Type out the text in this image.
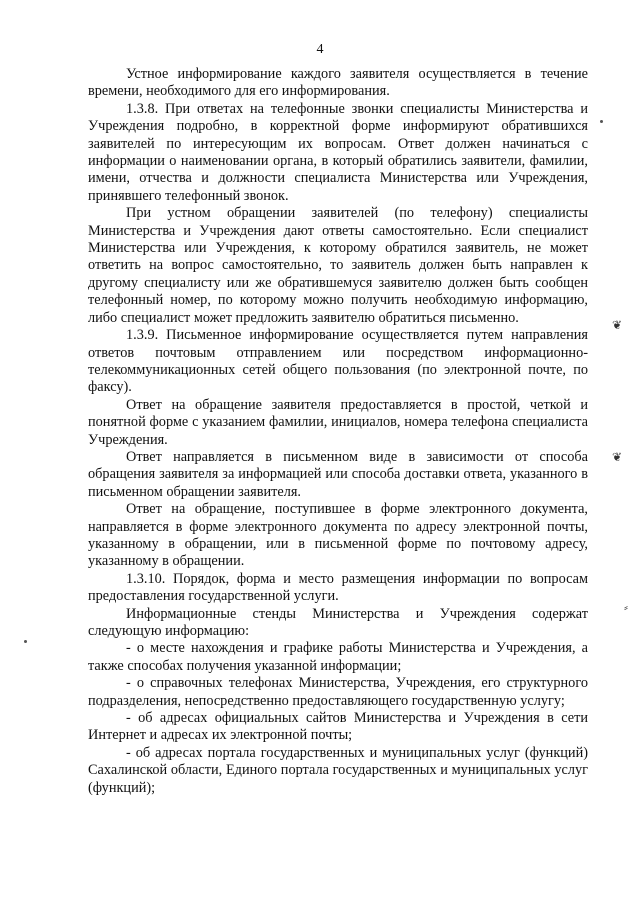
4

Устное информирование каждого заявителя осуществляется в течение времени, необходимого для его информирования.

1.3.8. При ответах на телефонные звонки специалисты Министерства и Учреждения подробно, в корректной форме информируют обратившихся заявителей по интересующим их вопросам. Ответ должен начинаться с информации о наименовании органа, в который обратились заявители, фамилии, имени, отчества и должности специалиста Министерства или Учреждения, принявшего телефонный звонок.

При устном обращении заявителей (по телефону) специалисты Министерства и Учреждения дают ответы самостоятельно. Если специалист Министерства или Учреждения, к которому обратился заявитель, не может ответить на вопрос самостоятельно, то заявитель должен быть направлен к другому специалисту или же обратившемуся заявителю должен быть сообщен телефонный номер, по которому можно получить необходимую информацию, либо специалист может предложить заявителю обратиться письменно.

1.3.9. Письменное информирование осуществляется путем направления ответов почтовым отправлением или посредством информационно-телекоммуникационных сетей общего пользования (по электронной почте, по факсу).

Ответ на обращение заявителя предоставляется в простой, четкой и понятной форме с указанием фамилии, инициалов, номера телефона специалиста Учреждения.

Ответ направляется в письменном виде в зависимости от способа обращения заявителя за информацией или способа доставки ответа, указанного в письменном обращении заявителя.

Ответ на обращение, поступившее в форме электронного документа, направляется в форме электронного документа по адресу электронной почты, указанному в обращении, или в письменной форме по почтовому адресу, указанному в обращении.

1.3.10. Порядок, форма и место размещения информации по вопросам предоставления государственной услуги.

Информационные стенды Министерства и Учреждения содержат следующую информацию:

- о месте нахождения и графике работы Министерства и Учреждения, а также способах получения указанной информации;

- о справочных телефонах Министерства, Учреждения, его структурного подразделения, непосредственно предоставляющего государственную услугу;

- об адресах официальных сайтов Министерства и Учреждения в сети Интернет и адресах их электронной почты;

- об адресах портала государственных и муниципальных услуг (функций) Сахалинской области, Единого портала государственных и муниципальных услуг (функций);

❦
❦
⸗
